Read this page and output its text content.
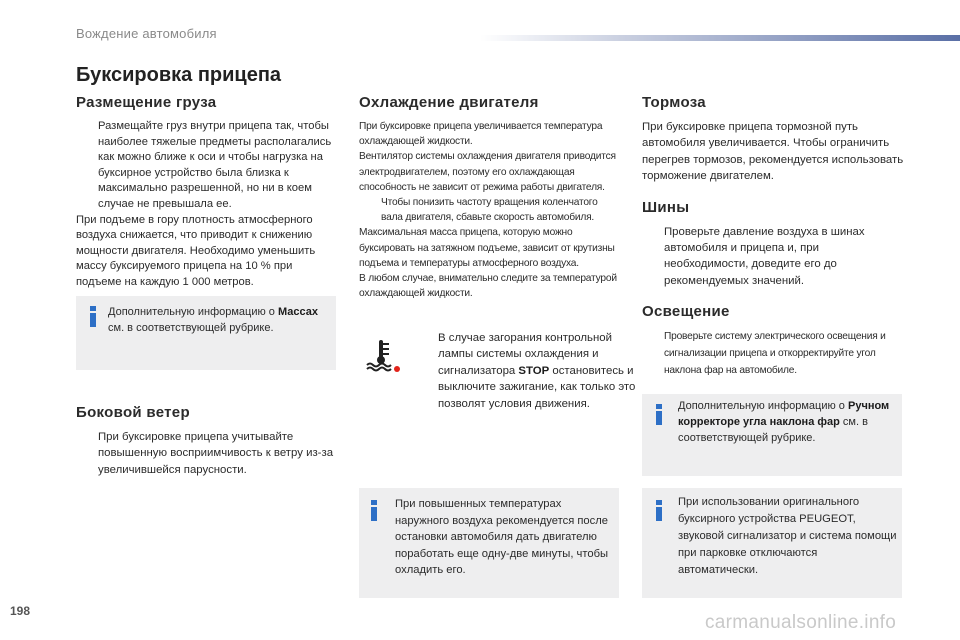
Вождение автомобиля
Буксировка прицепа
Размещение груза
Размещайте груз внутри прицепа так, чтобы наиболее тяжелые предметы располагались как можно ближе к оси и чтобы нагрузка на буксирное устройство была близка к максимально разрешенной, но ни в коем случае не превышала ее.
При подъеме в гору плотность атмосферного воздуха снижается, что приводит к снижению мощности двигателя. Необходимо уменьшить массу буксируемого прицепа на 10 % при подъеме на каждую 1 000 метров.
Дополнительную информацию о Массах см. в соответствующей рубрике.
Боковой ветер
При буксировке прицепа учитывайте повышенную восприимчивость к ветру из-за увеличившейся парусности.
Охлаждение двигателя
При буксировке прицепа увеличивается температура охлаждающей жидкости.
Вентилятор системы охлаждения двигателя приводится электродвигателем, поэтому его охлаждающая способность не зависит от режима работы двигателя.
Чтобы понизить частоту вращения коленчатого вала двигателя, сбавьте скорость автомобиля.
Максимальная масса прицепа, которую можно буксировать на затяжном подъеме, зависит от крутизны подъема и температуры атмосферного воздуха.
В любом случае, внимательно следите за температурой охлаждающей жидкости.
В случае загорания контрольной лампы системы охлаждения и сигнализатора STOP остановитесь и выключите зажигание, как только это позволят условия движения.
При повышенных температурах наружного воздуха рекомендуется после остановки автомобиля дать двигателю поработать еще одну-две минуты, чтобы охладить его.
Тормоза
При буксировке прицепа тормозной путь автомобиля увеличивается. Чтобы ограничить перегрев тормозов, рекомендуется использовать торможение двигателем.
Шины
Проверьте давление воздуха в шинах автомобиля и прицепа и, при необходимости, доведите его до рекомендуемых значений.
Освещение
Проверьте систему электрического освещения и сигнализации прицепа и откорректируйте угол наклона фар на автомобиле.
Дополнительную информацию о Ручном корректоре угла наклона фар см. в соответствующей рубрике.
При использовании оригинального буксирного устройства PEUGEOT, звуковой сигнализатор и система помощи при парковке отключаются автоматически.
198
carmanualsonline.info
